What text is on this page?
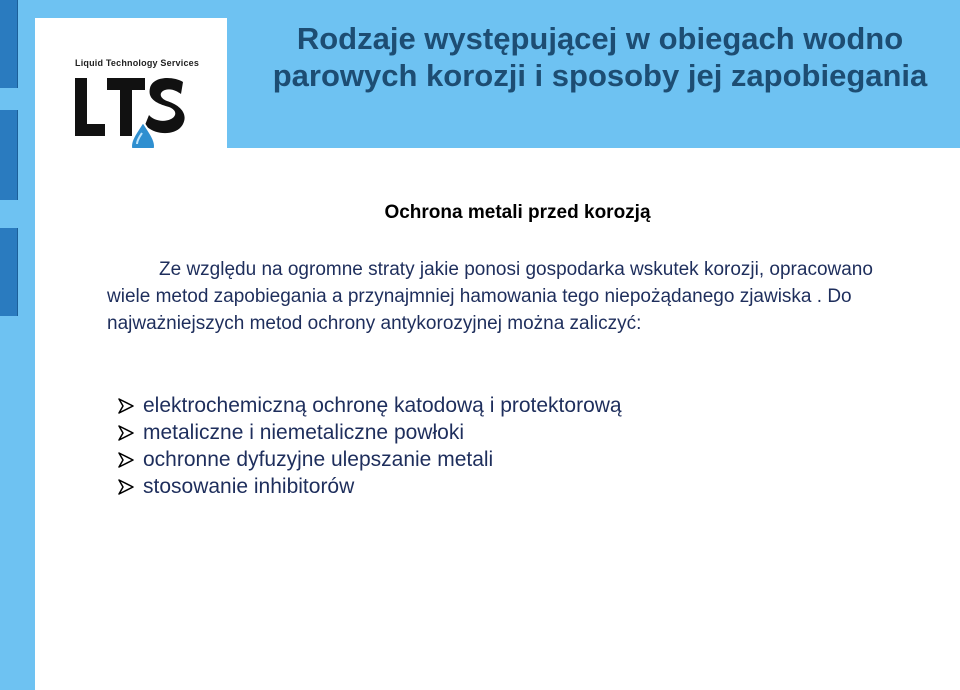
Liquid Technology Services
Rodzaje występującej w obiegach wodno parowych korozji i sposoby jej zapobiegania
Ochrona metali przed korozją

Ze względu na ogromne straty jakie ponosi gospodarka wskutek korozji, opracowano wiele metod zapobiegania a przynajmniej hamowania tego niepożądanego zjawiska . Do najważniejszych metod ochrony antykorozyjnej można zaliczyć:

elektrochemiczną ochronę katodową i protektorową
metaliczne i niemetaliczne powłoki
ochronne dyfuzyjne ulepszanie metali
stosowanie inhibitorów
